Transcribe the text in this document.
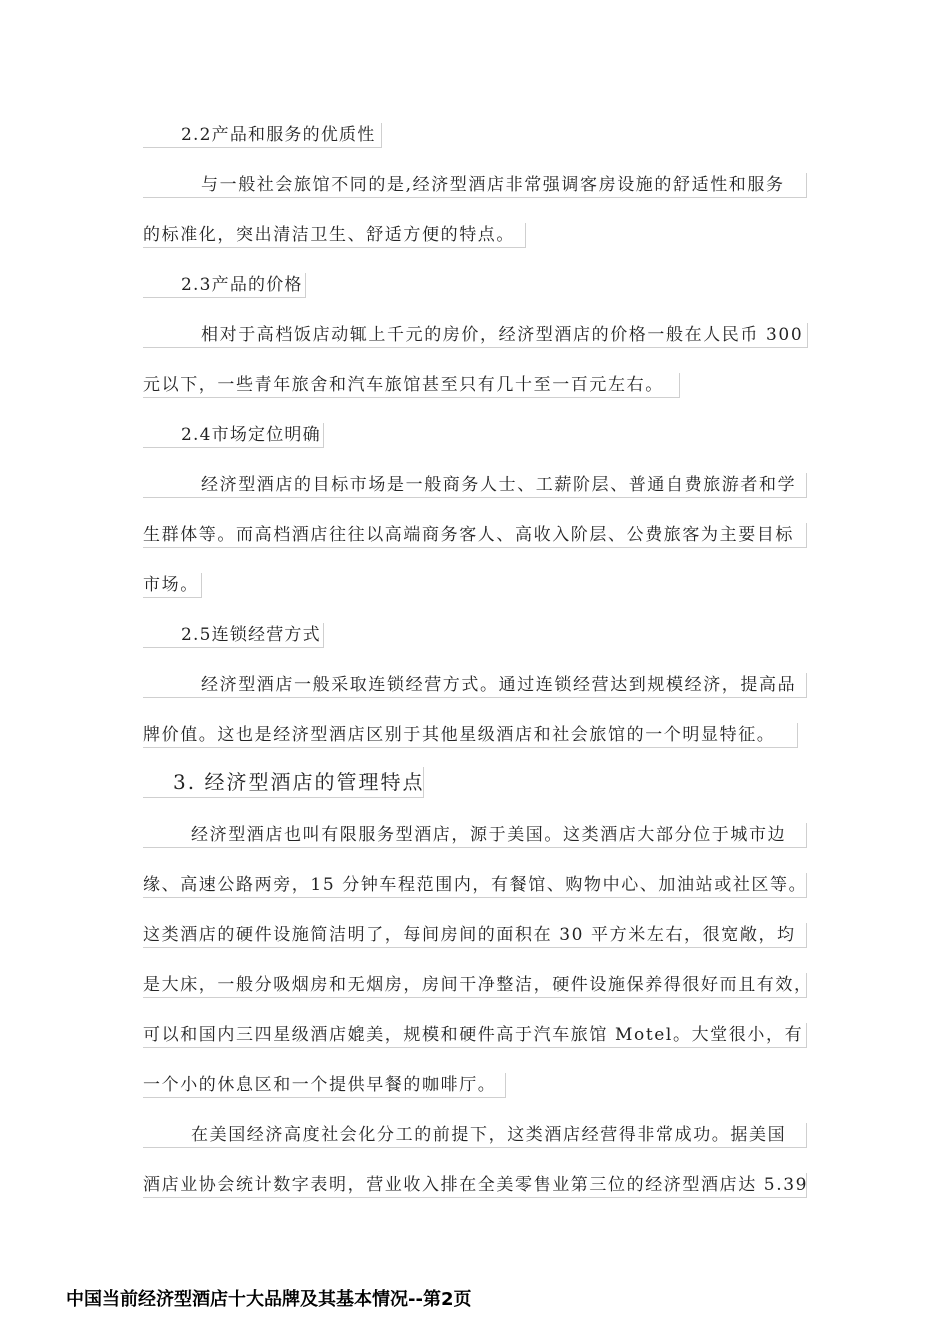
2.2产品和服务的优质性
与一般社会旅馆不同的是,经济型酒店非常强调客房设施的舒适性和服务
的标准化，突出清洁卫生、舒适方便的特点。
2.3产品的价格
相对于高档饭店动辄上千元的房价，经济型酒店的价格一般在人民币 300
元以下，一些青年旅舍和汽车旅馆甚至只有几十至一百元左右。
2.4市场定位明确
经济型酒店的目标市场是一般商务人士、工薪阶层、普通自费旅游者和学
生群体等。而高档酒店往往以高端商务客人、高收入阶层、公费旅客为主要目标
市场。
2.5连锁经营方式
经济型酒店一般采取连锁经营方式。通过连锁经营达到规模经济，提高品
牌价值。这也是经济型酒店区别于其他星级酒店和社会旅馆的一个明显特征。
3. 经济型酒店的管理特点
经济型酒店也叫有限服务型酒店，源于美国。这类酒店大部分位于城市边
缘、高速公路两旁，15 分钟车程范围内，有餐馆、购物中心、加油站或社区等。
这类酒店的硬件设施简洁明了，每间房间的面积在 30 平方米左右，很宽敞，均
是大床，一般分吸烟房和无烟房，房间干净整洁，硬件设施保养得很好而且有效，
可以和国内三四星级酒店媲美，规模和硬件高于汽车旅馆 Motel。大堂很小，有
一个小的休息区和一个提供早餐的咖啡厅。
在美国经济高度社会化分工的前提下，这类酒店经营得非常成功。据美国
酒店业协会统计数字表明，营业收入排在全美零售业第三位的经济型酒店达 5.39
中国当前经济型酒店十大品牌及其基本情况--第2页
